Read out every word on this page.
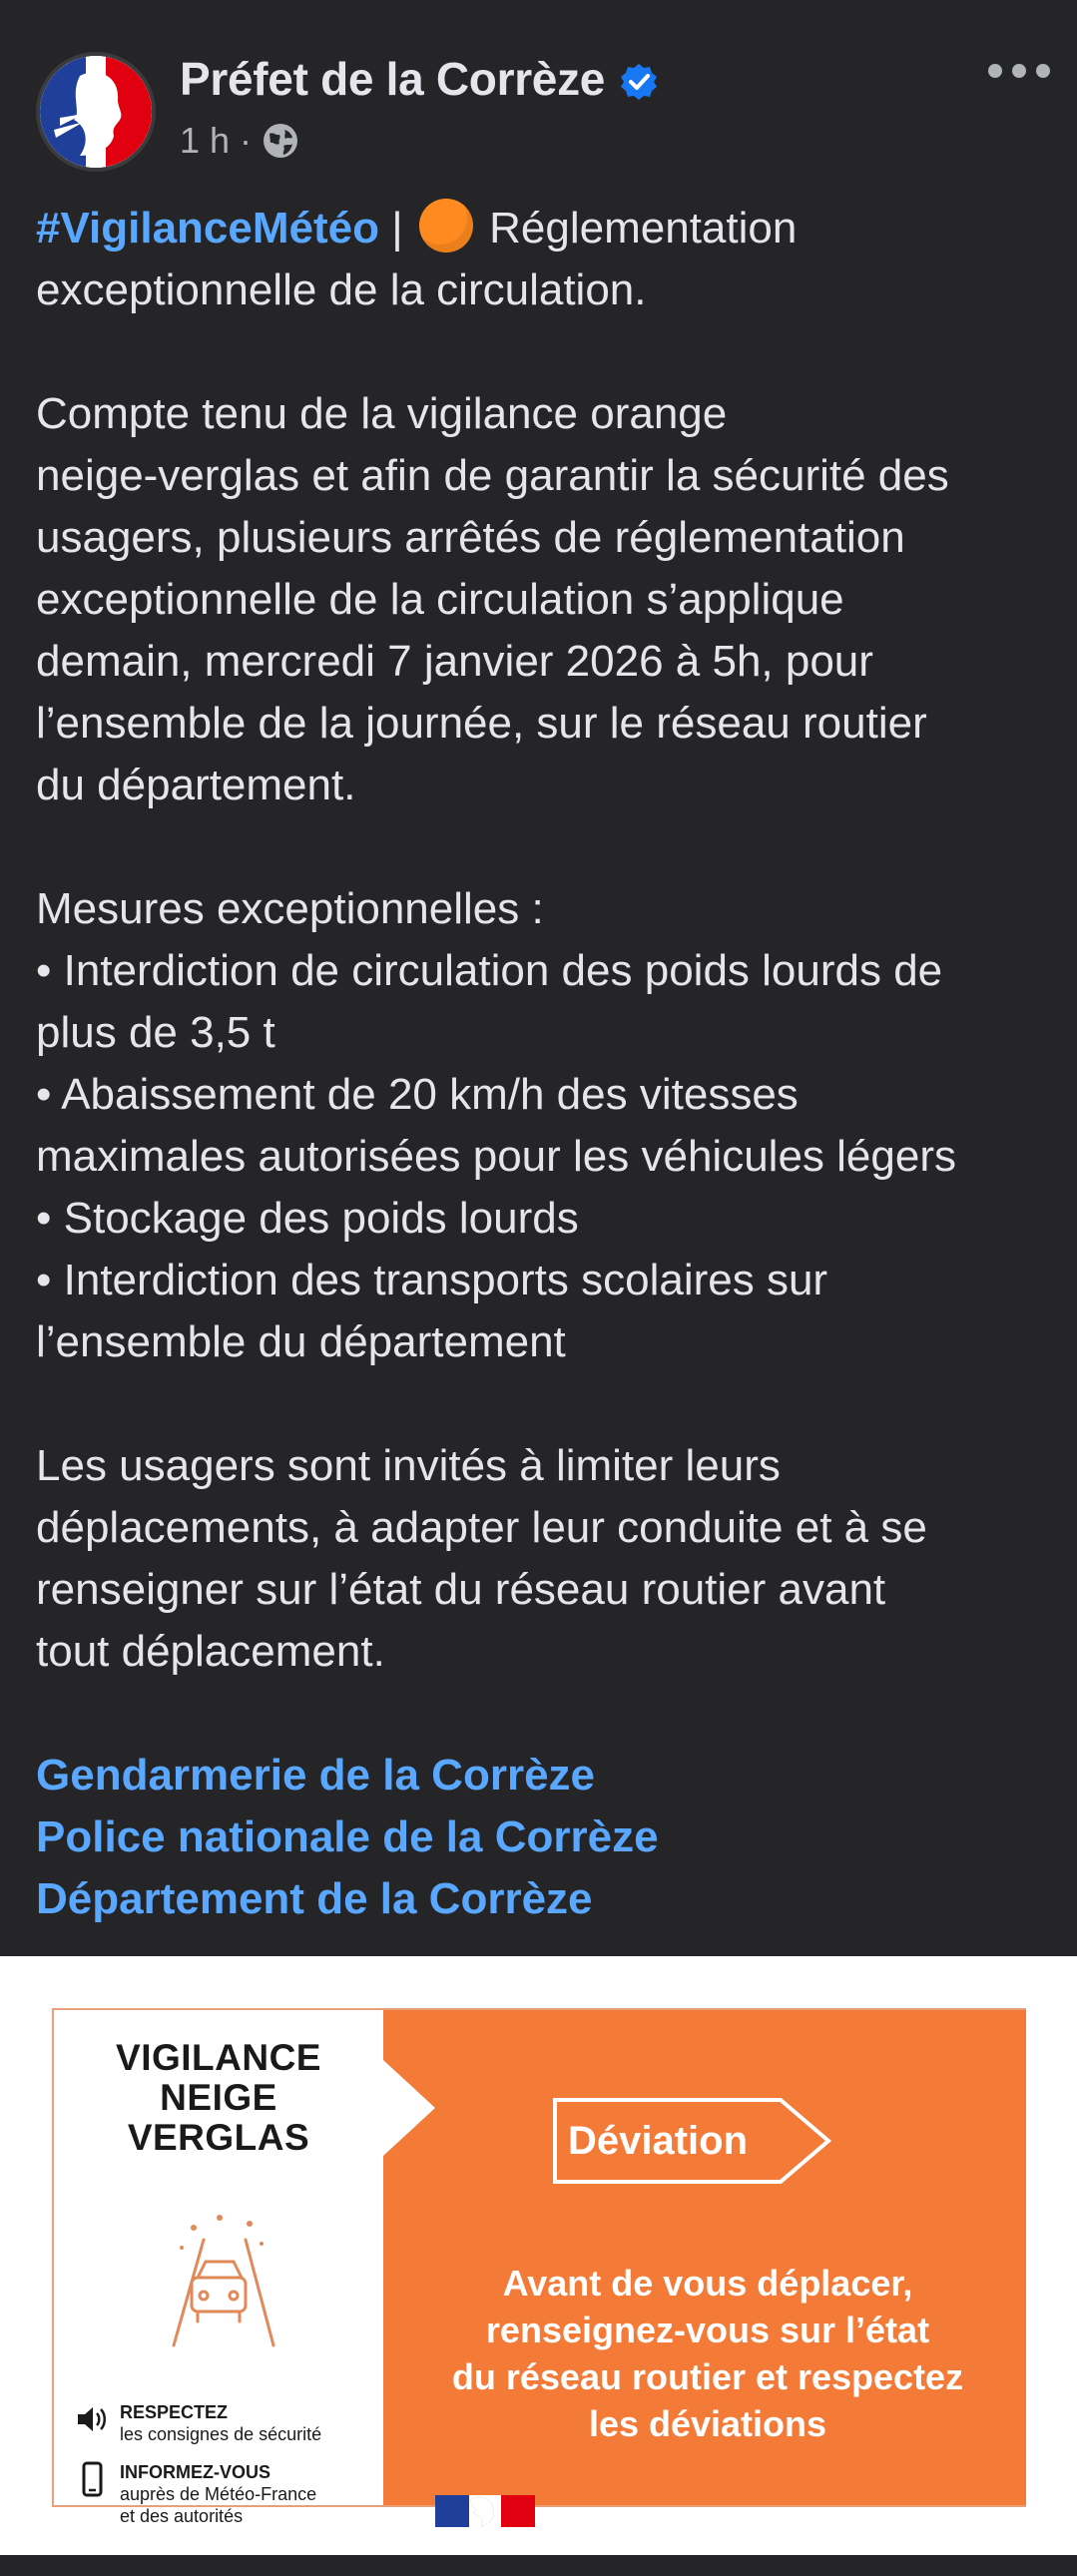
Préfet de la Corrèze
1 h ·

#VigilanceMétéo | Réglementation

exceptionnelle de la circulation.

Compte tenu de la vigilance orange

neige-verglas et afin de garantir la sécurité des

usagers, plusieurs arrêtés de réglementation

exceptionnelle de la circulation s’applique

demain, mercredi 7 janvier 2026 à 5h, pour

l’ensemble de la journée, sur le réseau routier

du département.

Mesures exceptionnelles :

• Interdiction de circulation des poids lourds de

plus de 3,5 t

• Abaissement de 20 km/h des vitesses

maximales autorisées pour les véhicules légers

• Stockage des poids lourds

• Interdiction des transports scolaires sur

l’ensemble du département

Les usagers sont invités à limiter leurs

déplacements, à adapter leur conduite et à se

renseigner sur l’état du réseau routier avant

tout déplacement.

Gendarmerie de la Corrèze
Police nationale de la Corrèze
Département de la Corrèze
VIGILANCE
NEIGE
VERGLAS
RESPECTEZ
les consignes de sécurité
INFORMEZ-VOUS
auprès de Météo-France
et des autorités
Déviation
Avant de vous déplacer,
renseignez-vous sur l’état
du réseau routier et respectez
les déviations
